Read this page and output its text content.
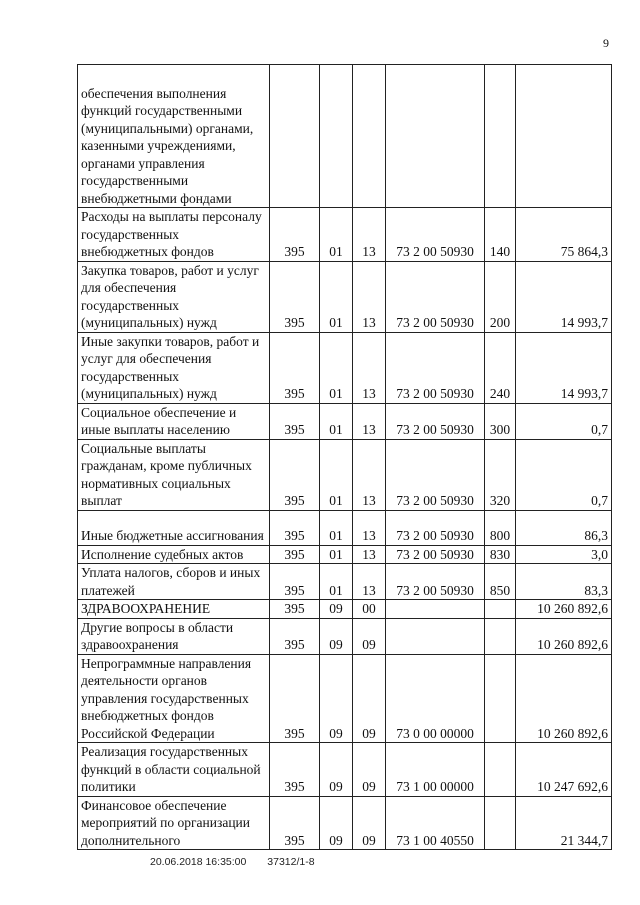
9
обеспечения выполнения функций государственными (муниципальными) органами, казенными учреждениями, органами управления государственными внебюджетными фондами						
Расходы на выплаты персоналу государственных внебюджетных фондов	395	01	13	73 2 00 50930	140	75 864,3
Закупка товаров, работ и услуг для обеспечения государственных (муниципальных) нужд	395	01	13	73 2 00 50930	200	14 993,7
Иные закупки товаров, работ и услуг для обеспечения государственных (муниципальных) нужд	395	01	13	73 2 00 50930	240	14 993,7
Социальное обеспечение и иные выплаты населению	395	01	13	73 2 00 50930	300	0,7
Социальные выплаты гражданам, кроме публичных нормативных социальных выплат	395	01	13	73 2 00 50930	320	0,7
Иные бюджетные ассигнования	395	01	13	73 2 00 50930	800	86,3
Исполнение судебных актов	395	01	13	73 2 00 50930	830	3,0
Уплата налогов, сборов и иных платежей	395	01	13	73 2 00 50930	850	83,3
ЗДРАВООХРАНЕНИЕ	395	09	00			10 260 892,6
Другие вопросы в области здравоохранения	395	09	09			10 260 892,6
Непрограммные направления деятельности органов управления государственных внебюджетных фондов Российской Федерации	395	09	09	73 0 00 00000		10 260 892,6
Реализация государственных функций в области социальной политики	395	09	09	73 1 00 00000		10 247 692,6
Финансовое обеспечение мероприятий по организации дополнительного	395	09	09	73 1 00 40550		21 344,7
20.06.2018 16:35:00 37312/1-8
